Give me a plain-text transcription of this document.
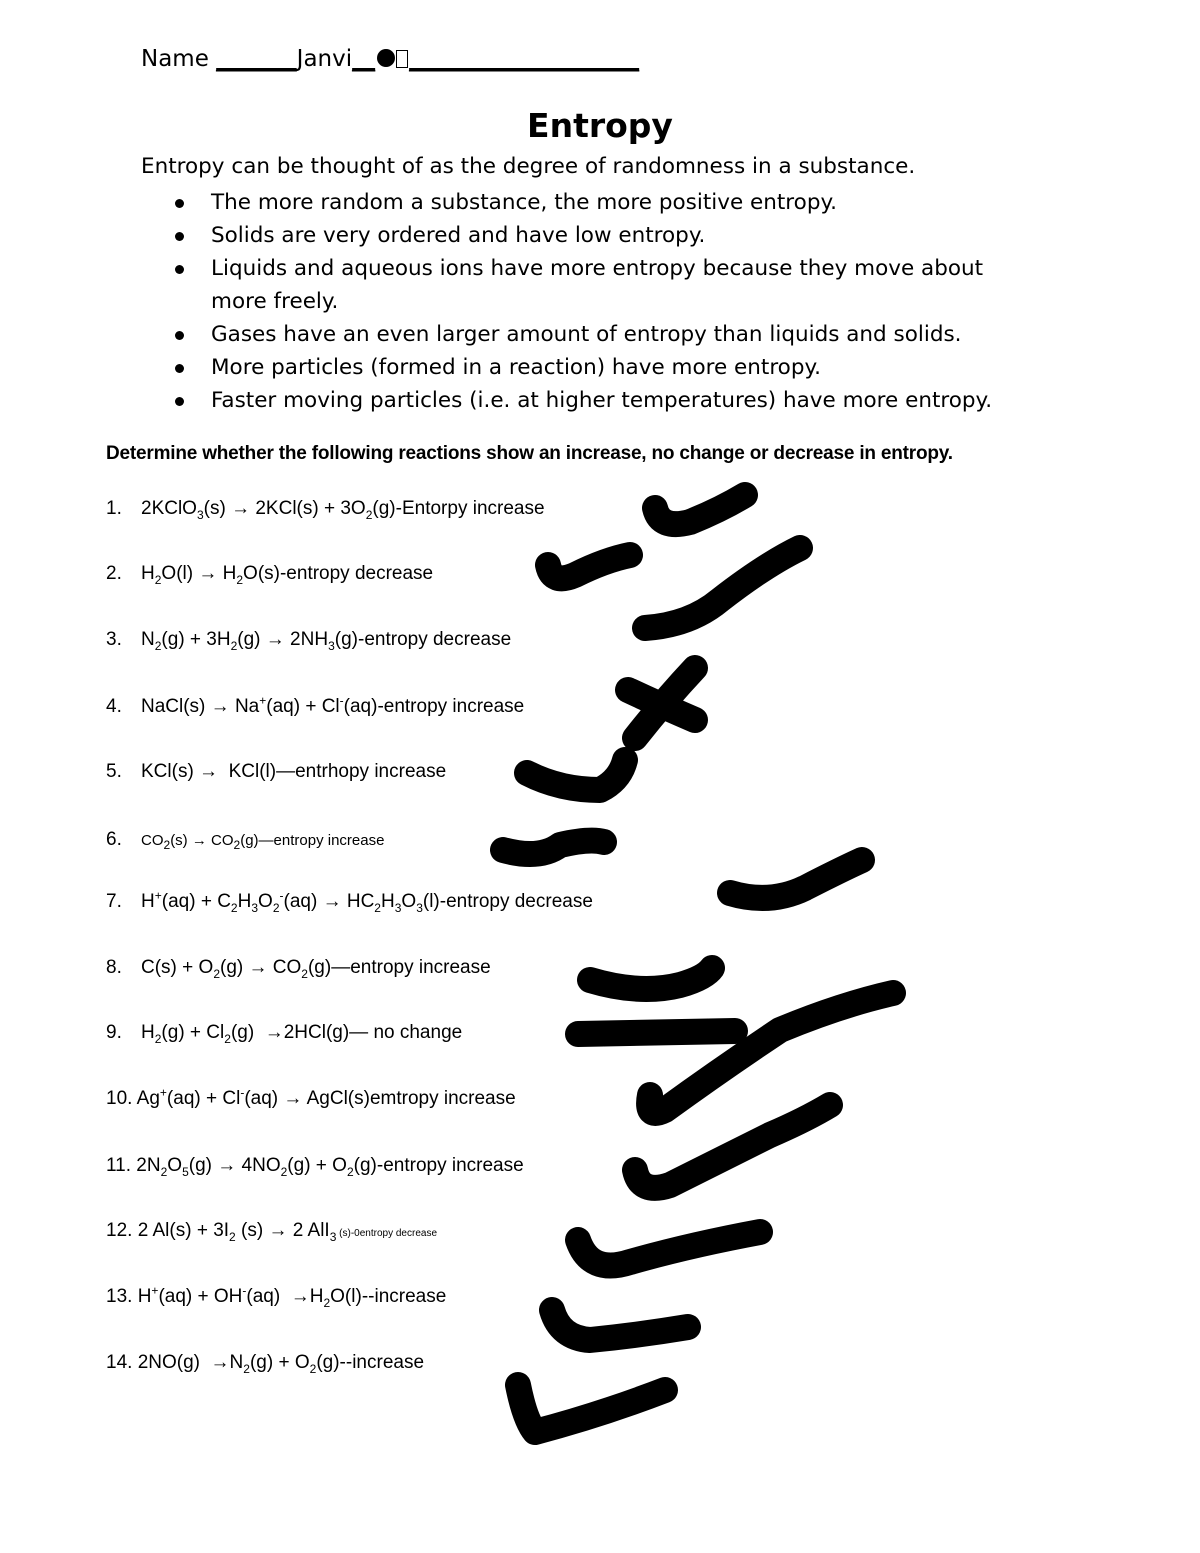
Name _______Janvi__ ____________________
Entropy
Entropy can be thought of as the degree of randomness in a substance.
The more random a substance, the more positive entropy.
Solids are very ordered and have low entropy.
Liquids and aqueous ions have more entropy because they move about more freely.
Gases have an even larger amount of entropy than liquids and solids.
More particles (formed in a reaction) have more entropy.
Faster moving particles (i.e. at higher temperatures) have more entropy.
Determine whether the following reactions show an increase, no change or decrease in entropy.
1. 2KClO$_3$(s) → $2KCl(s) + 3O_2(g)$-Entorpy increase
2. $H_2O(l)$ → $H_2O(s)$-entropy decrease
3. $N_2(g) + 3H_2(g)$ → $2NH_3(g)$-entropy decrease
4. NaCl(s) → Na+(aq) + Cl-(aq)-entropy increase
5. KCl(s) →  KCl(l)—entrhopy increase
6. $CO_2(s)$ → $CO_2(g)—entropy$ increase
7. $H^+(aq) + C_2H_3O_2^-(aq)$ → $HC_2H_3O_3(l)$-entropy decrease
8. $C(s) + O_2(g)$ → $CO_2(g)—entropy$ increase
9. $H_2(g) + Cl_2(g)$  →2HCl(g)— no change
10. Ag+(aq) + Cl-(aq) → AgCl(s)emtropy increase
11. $2N_2O_5(g) \to 4NO_2(g)$ + $O_2(g)$-entropy increase
12. 2 $Al(s) + 3I_2$ (s) → 2 AlI$_3$ (s)-0entropy decrease
13. $H^+(aq) + OH^-(aq) \to H_2O(l)-$-increase
14. $2NO(g) \to N_2(g)$ + $O_2(g)-$-increase
